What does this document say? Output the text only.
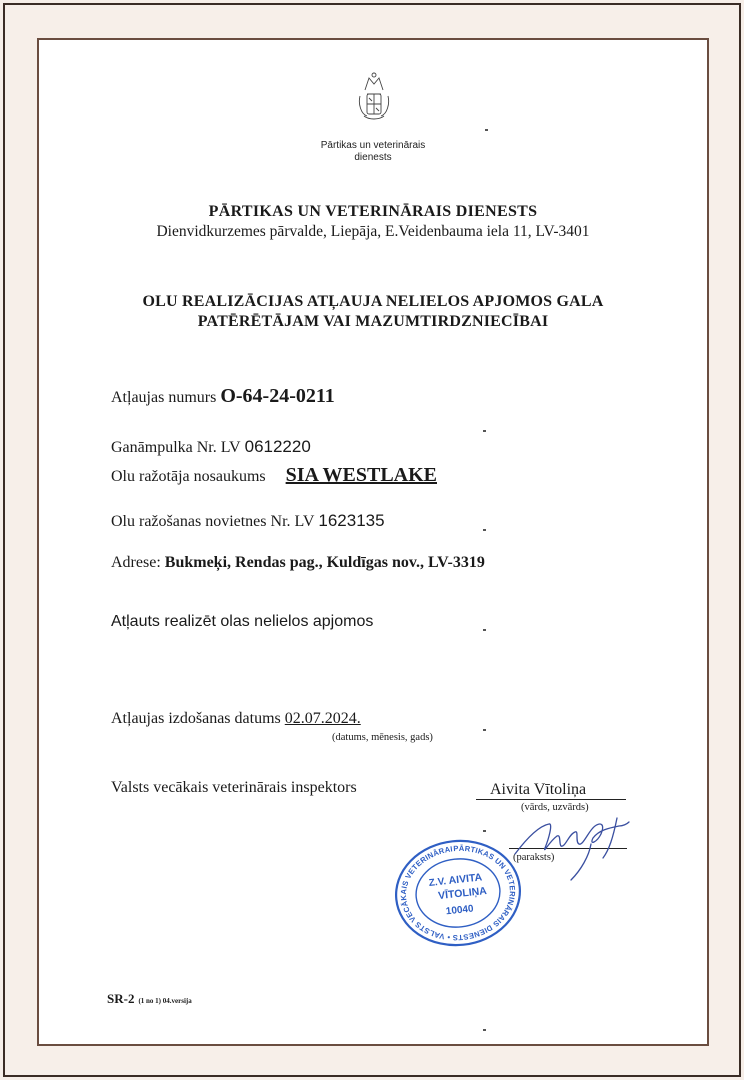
Pārtikas un veterinārais
dienests
PĀRTIKAS UN VETERINĀRAIS DIENESTS
Dienvidkurzemes pārvalde, Liepāja, E.Veidenbauma iela 11, LV-3401
OLU REALIZĀCIJAS ATĻAUJA NELIELOS APJOMOS GALA
PATĒRĒTĀJAM VAI MAZUMTIRDZNIECĪBAI
Atļaujas numurs O-64-24-0211
Ganāmpulka Nr. LV 0612220
Olu ražotāja nosaukums SIA WESTLAKE
Olu ražošanas novietnes Nr. LV 1623135
Adrese: Bukmeķi, Rendas pag., Kuldīgas nov., LV-3319
Atļauts realizēt olas nelielos apjomos
Atļaujas izdošanas datums 02.07.2024.
(datums, mēnesis, gads)
Valsts vecākais veterinārais inspektors	Aivita Vītoliņa
(vārds, uzvārds)
(paraksts)
PĀRTIKAS UN VETERINĀRAIS DIENESTS • VALSTS VECĀKAIS VETERINĀRAIS
Z.V. AIVITA
VĪTOLIŅA
10040
SR-2 (1 no 1) 04.versija
